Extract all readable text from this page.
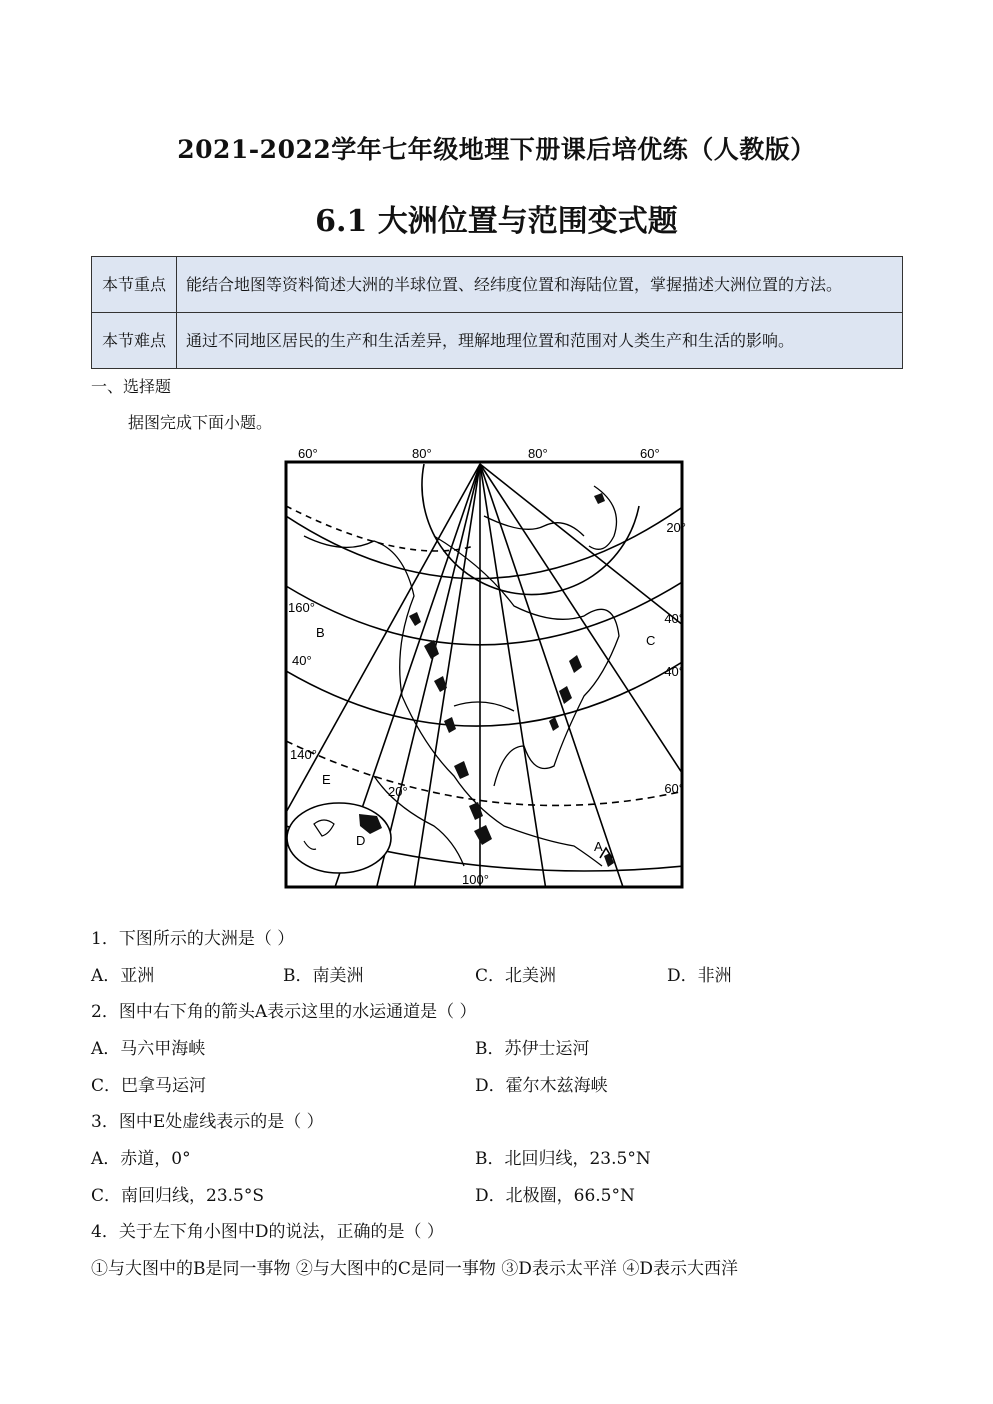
2021-2022学年七年级地理下册课后培优练（人教版）
6.1 大洲位置与范围变式题
本节重点	能结合地图等资料简述大洲的半球位置、经纬度位置和海陆位置，掌握描述大洲位置的方法。
本节难点	通过不同地区居民的生产和生活差异，理解地理位置和范围对人类生产和生活的影响。
一、选择题
据图完成下面小题。
60°	80°	80°	60°
20°
160°
B
40°
C
40°
40°
140°
E
20°	60°
D	A
100°
1．下图所示的大洲是（ ）
A．亚洲	B．南美洲	C．北美洲	D．非洲
2．图中右下角的箭头A表示这里的水运通道是（ ）
A．马六甲海峡	B．苏伊士运河
C．巴拿马运河	D．霍尔木兹海峡
3．图中E处虚线表示的是（ ）
A．赤道，0°	B．北回归线，23.5°N
C．南回归线，23.5°S	D．北极圈，66.5°N
4．关于左下角小图中D的说法，正确的是（ ）
①与大图中的B是同一事物 ②与大图中的C是同一事物 ③D表示太平洋 ④D表示大西洋
